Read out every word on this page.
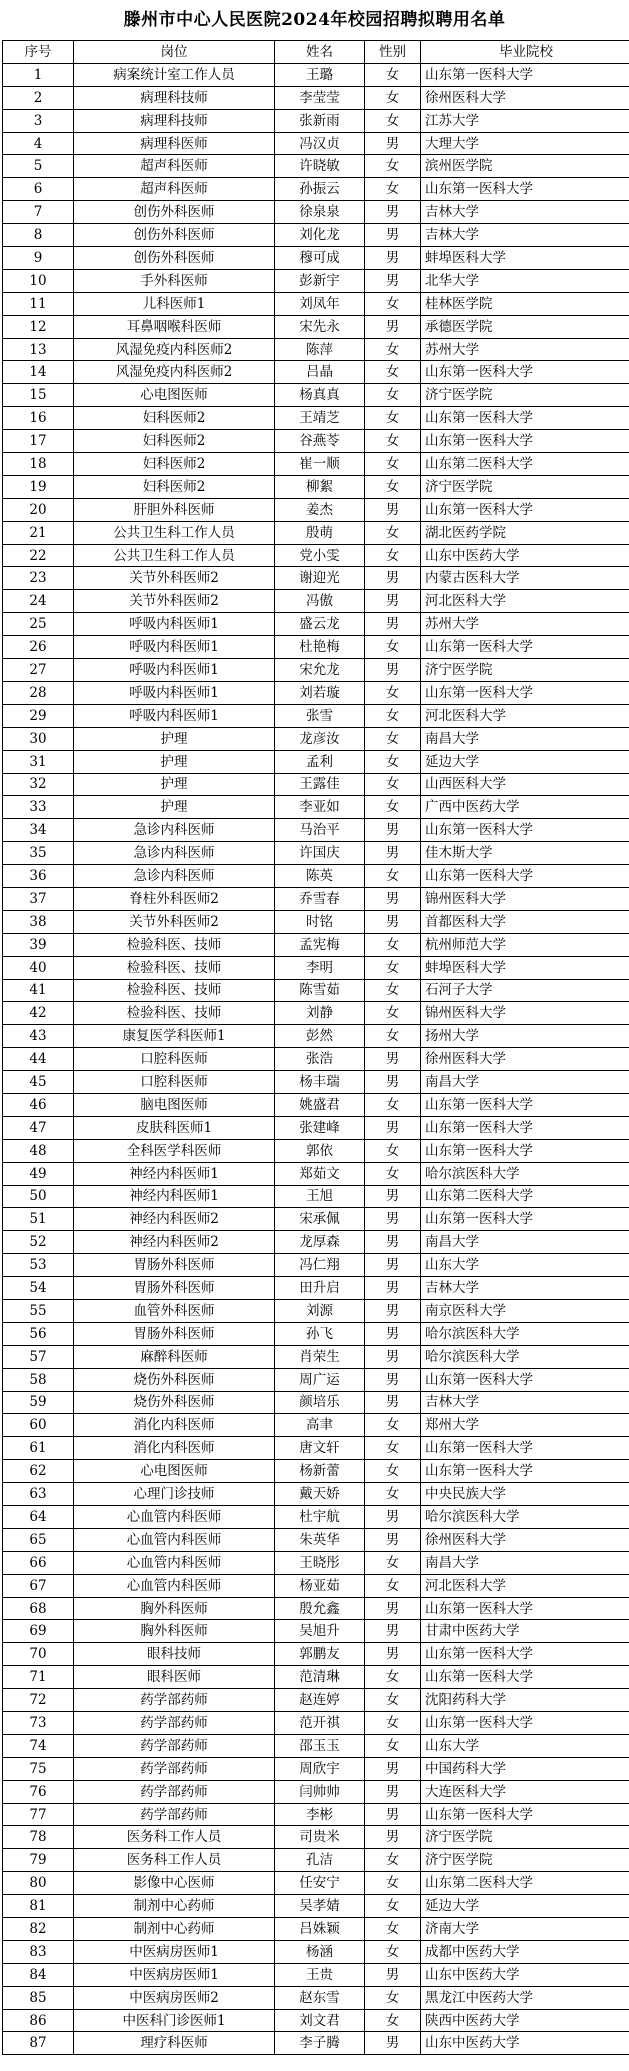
滕州市中心人民医院2024年校园招聘拟聘用名单
序号	岗位	姓名	性别	毕业院校
1	病案统计室工作人员	王璐	女	山东第一医科大学
2	病理科技师	李莹莹	女	徐州医科大学
3	病理科技师	张新雨	女	江苏大学
4	病理科医师	冯汉贞	男	大理大学
5	超声科医师	许晓敏	女	滨州医学院
6	超声科医师	孙振云	女	山东第一医科大学
7	创伤外科医师	徐泉泉	男	吉林大学
8	创伤外科医师	刘化龙	男	吉林大学
9	创伤外科医师	穆可成	男	蚌埠医科大学
10	手外科医师	彭新宇	男	北华大学
11	儿科医师1	刘凤年	女	桂林医学院
12	耳鼻咽喉科医师	宋先永	男	承德医学院
13	风湿免疫内科医师2	陈萍	女	苏州大学
14	风湿免疫内科医师2	吕晶	女	山东第一医科大学
15	心电图医师	杨真真	女	济宁医学院
16	妇科医师2	王靖芝	女	山东第一医科大学
17	妇科医师2	谷燕苓	女	山东第一医科大学
18	妇科医师2	崔一顺	女	山东第二医科大学
19	妇科医师2	柳絮	女	济宁医学院
20	肝胆外科医师	姜杰	男	山东第一医科大学
21	公共卫生科工作人员	殷萌	女	湖北医药学院
22	公共卫生科工作人员	党小雯	女	山东中医药大学
23	关节外科医师2	谢迎光	男	内蒙古医科大学
24	关节外科医师2	冯傲	男	河北医科大学
25	呼吸内科医师1	盛云龙	男	苏州大学
26	呼吸内科医师1	杜艳梅	女	山东第一医科大学
27	呼吸内科医师1	宋允龙	男	济宁医学院
28	呼吸内科医师1	刘若璇	女	山东第一医科大学
29	呼吸内科医师1	张雪	女	河北医科大学
30	护理	龙彦汝	女	南昌大学
31	护理	孟利	女	延边大学
32	护理	王露佳	女	山西医科大学
33	护理	李亚如	女	广西中医药大学
34	急诊内科医师	马治平	男	山东第一医科大学
35	急诊内科医师	许国庆	男	佳木斯大学
36	急诊内科医师	陈英	女	山东第一医科大学
37	脊柱外科医师2	乔雪春	男	锦州医科大学
38	关节外科医师2	时铭	男	首都医科大学
39	检验科医、技师	孟宪梅	女	杭州师范大学
40	检验科医、技师	李明	女	蚌埠医科大学
41	检验科医、技师	陈雪茹	女	石河子大学
42	检验科医、技师	刘静	女	锦州医科大学
43	康复医学科医师1	彭然	女	扬州大学
44	口腔科医师	张浩	男	徐州医科大学
45	口腔科医师	杨丰瑞	男	南昌大学
46	脑电图医师	姚盛君	女	山东第一医科大学
47	皮肤科医师1	张建峰	男	山东第一医科大学
48	全科医学科医师	郭依	女	山东第一医科大学
49	神经内科医师1	郑茹文	女	哈尔滨医科大学
50	神经内科医师1	王旭	男	山东第二医科大学
51	神经内科医师2	宋承佩	男	山东第一医科大学
52	神经内科医师2	龙厚森	男	南昌大学
53	胃肠外科医师	冯仁翔	男	山东大学
54	胃肠外科医师	田升启	男	吉林大学
55	血管外科医师	刘源	男	南京医科大学
56	胃肠外科医师	孙飞	男	哈尔滨医科大学
57	麻醉科医师	肖荣生	男	哈尔滨医科大学
58	烧伤外科医师	周广运	男	山东第一医科大学
59	烧伤外科医师	颜培乐	男	吉林大学
60	消化内科医师	高聿	女	郑州大学
61	消化内科医师	唐文轩	女	山东第一医科大学
62	心电图医师	杨新蕾	女	山东第一医科大学
63	心理门诊技师	戴天娇	女	中央民族大学
64	心血管内科医师	杜宇航	男	哈尔滨医科大学
65	心血管内科医师	朱英华	男	徐州医科大学
66	心血管内科医师	王晓彤	女	南昌大学
67	心血管内科医师	杨亚茹	女	河北医科大学
68	胸外科医师	殷允鑫	男	山东第一医科大学
69	胸外科医师	吴旭升	男	甘肃中医药大学
70	眼科技师	郭鹏友	男	山东第一医科大学
71	眼科医师	范清琳	女	山东第一医科大学
72	药学部药师	赵连婷	女	沈阳药科大学
73	药学部药师	范开祺	女	山东第一医科大学
74	药学部药师	邵玉玉	女	山东大学
75	药学部药师	周欣宇	男	中国药科大学
76	药学部药师	闫帅帅	男	大连医科大学
77	药学部药师	李彬	男	山东第一医科大学
78	医务科工作人员	司贵米	男	济宁医学院
79	医务科工作人员	孔洁	女	济宁医学院
80	影像中心医师	任安宁	女	山东第二医科大学
81	制剂中心药师	吴孝婧	女	延边大学
82	制剂中心药师	吕姝颖	女	济南大学
83	中医病房医师1	杨涵	女	成都中医药大学
84	中医病房医师1	王贵	男	山东中医药大学
85	中医病房医师2	赵东雪	女	黑龙江中医药大学
86	中医科门诊医师1	刘文君	女	陕西中医药大学
87	理疗科医师	李子腾	男	山东中医药大学
